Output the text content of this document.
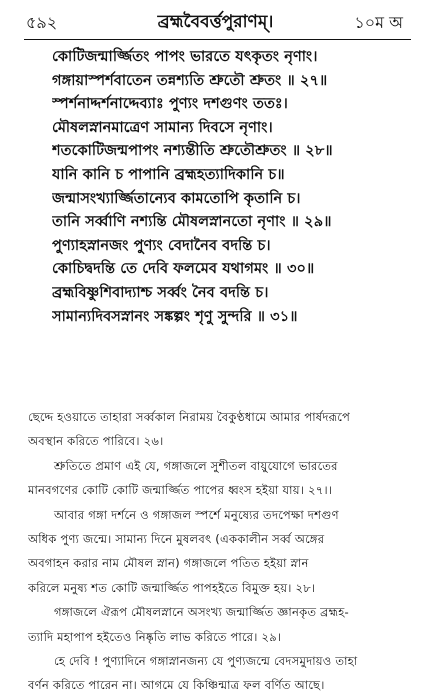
৫৯২	ব্রহ্মবৈবর্ত্তপুরাণম্।	১০ম অ
কোটিজন্মার্জ্জিতং পাপং ভারতে যৎকৃতং নৃণাং।
গঙ্গায়াস্পর্শবাতেন তন্নশ্যতি শ্রুতৌ শ্রুতং ॥ ২৭॥
স্পর্শনাদ্দর্শনাদ্দেব্যাঃ পুণ্যং দশগুণং ততঃ।
মৌষলস্নানমাত্রেণ সামান্য দিবসে নৃণাং।
শতকোটিজন্মপাপং নশ্যন্তীতি শ্রুতৌশ্রুতং ॥ ২৮॥
যানি কানি চ পাপানি ব্রহ্মহত্যাদিকানি চ॥
জন্মাসংখ্যার্জ্জিতান্যেব কামতোপি কৃতানি চ।
তানি সর্ব্বাণি নশ্যন্তি মৌষলস্নানতো নৃণাং ॥ ২৯॥
পুণ্যাহস্নানজং পুণ্যং বেদানৈব বদন্তি চ।
কোচিদ্বদন্তি তে দেবি ফলমেব যথাগমং ॥ ৩০॥
ব্রহ্মবিষ্ণুশিবাদ্যাশ্চ সর্ব্বং নৈব বদন্তি চ।
সামান্যদিবসস্নানং সঙ্কল্পং শৃণু সুন্দরি ॥ ৩১॥
ছেদ্দে হওয়াতে তাহারা সর্ব্বকাল নিরাময় বৈকুণ্ঠধামে আমার পার্ষদরূপে
অবস্থান করিতে পারিবে। ২৬।
শ্রুতিতে প্রমাণ এই যে, গঙ্গাজলে সুশীতল বায়ুযোগে ভারতের
মানবগণের কোটি কোটি জন্মার্জ্জিত পাপের ধ্বংস হইয়া যায়। ২৭।।
আবার গঙ্গা দর্শনে ও গঙ্গাজল স্পর্শে মনুষ্যের তদপেক্ষা দশগুণ
অধিক পুণ্য জন্মে। সামান্য দিনে মুষলবৎ (এককালীন সর্ব্ব অঙ্গের
অবগাহন করার নাম মৌষল স্নান) গঙ্গাজলে পতিত হইয়া স্নান
করিলে মনুষ্য শত কোটি জন্মার্জ্জিত পাপহইতে বিমুক্ত হয়। ২৮।
গঙ্গাজলে ঐরূপ মৌষলস্নানে অসংখ্য জন্মার্জ্জিত জ্ঞানকৃত ব্রহ্মহ-
ত্যাদি মহাপাপ হইতেও নিষ্কৃতি লাভ করিতে পারে। ২৯।
হে দেবি ! পুণ্যাদিনে গঙ্গাস্নানজন্য যে পুণ্যজন্মে বেদসমুদায়ও তাহা
বর্ণন করিতে পারেন না। আগমে যে কিঞ্চিন্মাত্র ফল বর্ণিত আছে।
